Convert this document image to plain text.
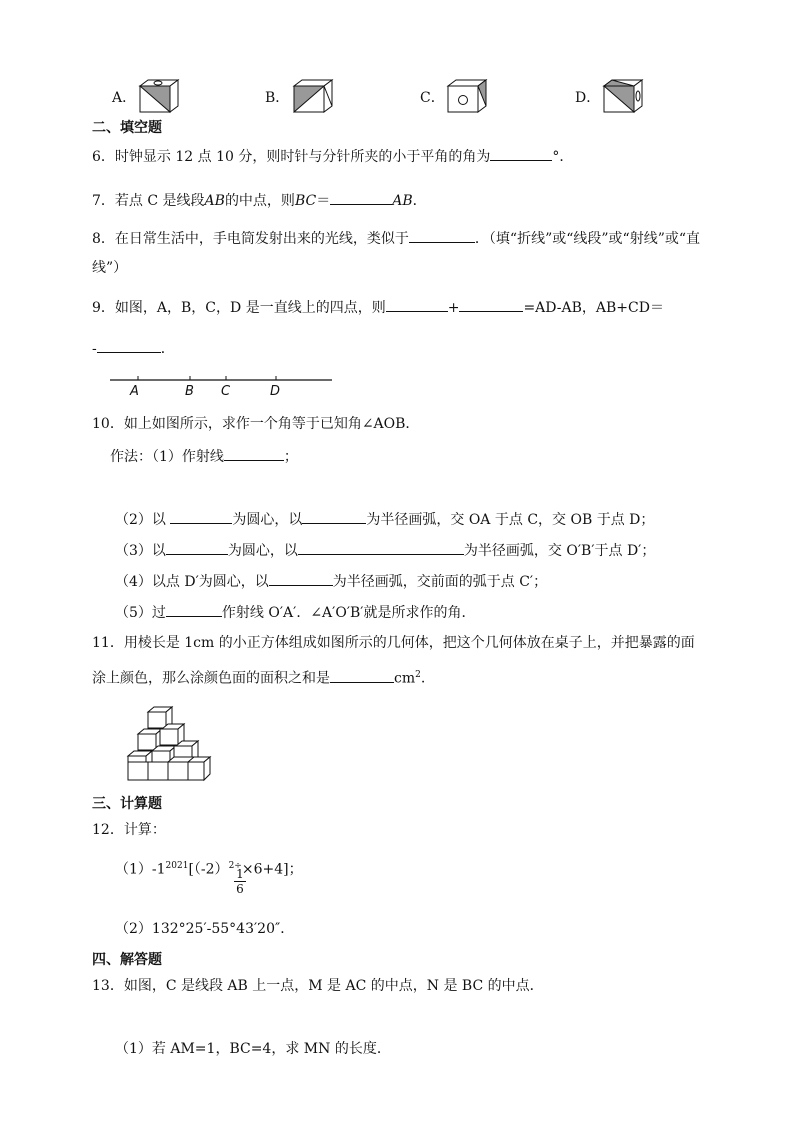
A．	B．	C．	D．
二、填空题
6．时钟显示 12 点 10 分，则时针与分针所夹的小于平角的角为	°．
7．若点 C 是线段AB的中点，则BC＝	AB．
8．在日常生活中，手电筒发射出来的光线，类似于	．（填“折线”或“线段”或“射线”或“直
线”）
9．如图，A，B，C，D 是一直线上的四点，则	+	=AD-AB，AB+CD＝
-	．
A	B C	D
10．如上如图所示，求作一个角等于已知角∠AOB．
作法：（1）作射线	；
（2）以	为圆心，以	为半径画弧，交 OA 于点 C，交 OB 于点 D；
（3）以	为圆心，以	为半径画弧，交 O′B′于点 D′；
（4）以点 D′为圆心，以	为半径画弧，交前面的弧于点 C′；
（5）过	作射线 O′A′．∠A′O′B′就是所求作的角．
11．用棱长是 1cm 的小正方体组成如图所示的几何体，把这个几何体放在桌子上，并把暴露的面
涂上颜色，那么涂颜色面的面积之和是	$cm^2$.
三、计算题
12．计算：
$(1)-1^{2021}[(-2)^{2\div}\times 6+4]$；
$\frac{1}{6}$
（2）132°25′-55°43′20″．
四、解答题
13．如图，C 是线段 AB 上一点，M 是 AC 的中点，N 是 BC 的中点．
（1）若 AM=1，BC=4，求 MN 的长度．
